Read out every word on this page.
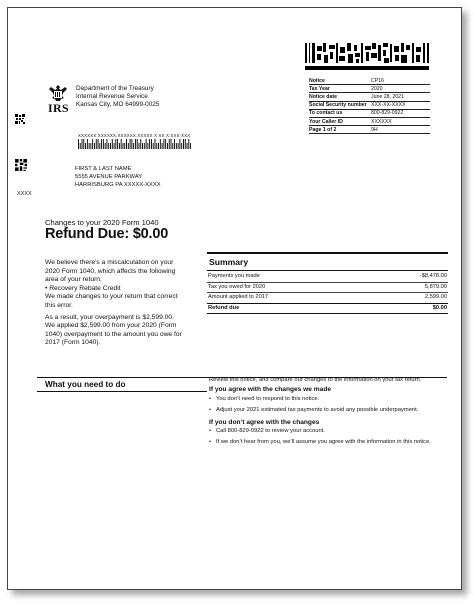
Notice	CP16
Tax Year	2020
Notice date	June 28, 2021
Social Security number	XXX-XX-XXXX
To contact us	800-829-0922
Your Caller ID	XXXXXX
Page 1 of 2	9H
IRS
Department of the Treasury
Internal Revenue Service
Kansas City, MO 64999-0025
XXXX
XXXXXX.XXXXXX.XXXXXX.XXXXX X XX X.XXX XXX
FIRST & LAST NAME
5555 AVENUE PARKWAY
HARRISBURG PA XXXXX-XXXX
Changes to your 2020 Form 1040
Refund Due: $0.00

We believe there’s a miscalculation on your 2020 Form 1040, which affects the following area of your return:
• Recovery Rebate Credit
We made changes to your return that correct this error.

As a result, your overpayment is $2,599.00.
We applied $2,599.00 from your 2020 (Form 1040) overpayment to the amount you owe for 2017 (Form 1040).

Summary
Payments you made	-$8,478.00
Tax you owed for 2020	5,879.00
Amount applied to 2017	2,599.00
Refund due	$0.00
What you need to do	Review this notice, and compare our changes to the information on your tax return.
If you agree with the changes we made
• You don’t need to respond to this notice.
• Adjust your 2021 estimated tax payments to avoid any possible underpayment.
If you don’t agree with the changes
• Call 800-829-0922 to review your account.
• If we don’t hear from you, we’ll assume you agree with the information in this notice.
